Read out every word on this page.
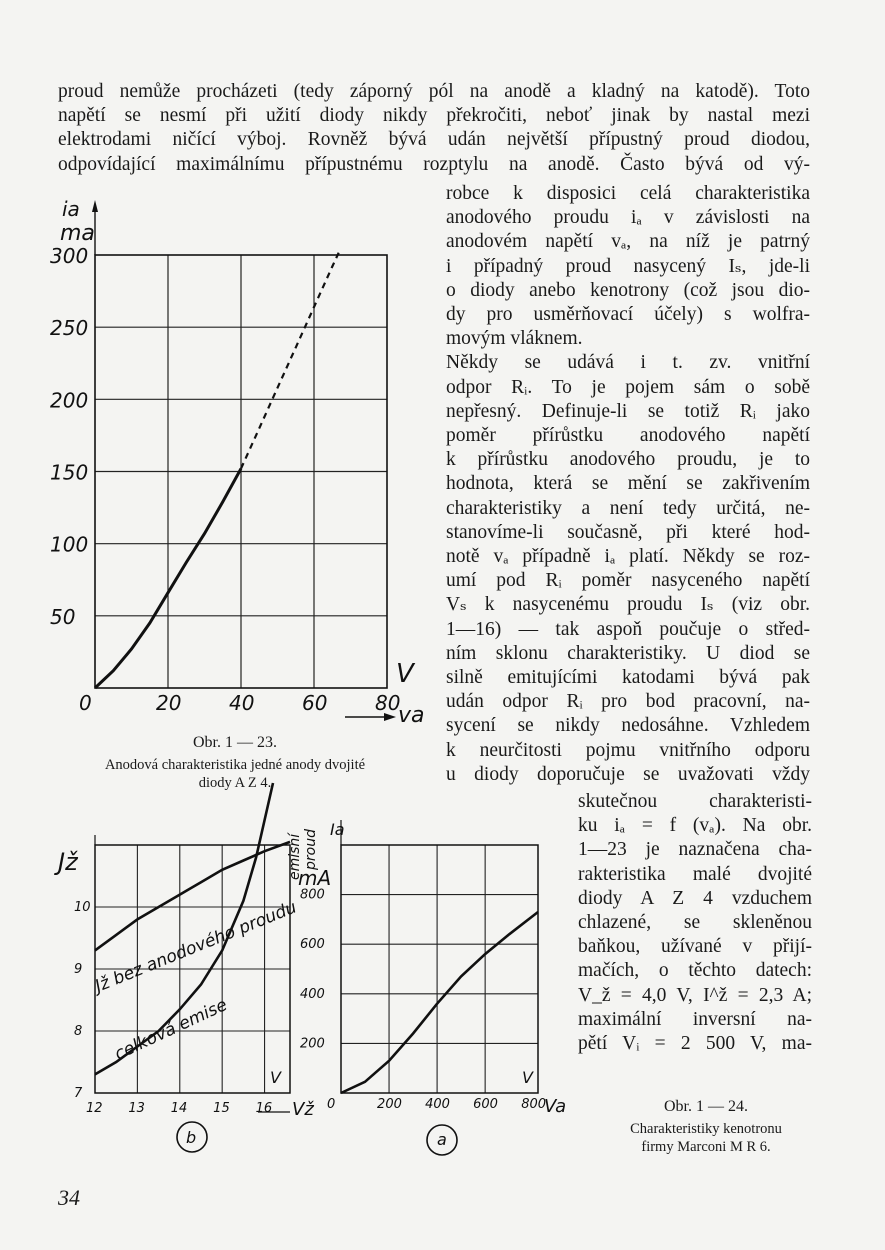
proud nemůže procházeti (tedy záporný pól na anodě a kladný na katodě). Toto
napětí se nesmí při užití diody nikdy překročiti, neboť jinak by nastal mezi
elektrodami ničící výboj. Rovněž bývá udán největší přípustný proud diodou,
odpovídající maximálnímu přípustnému rozptylu na anodě. Často bývá od vý-
robce k disposici celá charakteristika
anodového proudu iₐ v závislosti na
anodovém napětí vₐ, na níž je patrný
i případný proud nasycený Iₛ, jde-li
o diody anebo kenotrony (což jsou dio-
dy pro usměrňovací účely) s wolfra-
movým vláknem.
Někdy se udává i t. zv. vnitřní
odpor Rᵢ. To je pojem sám o sobě
nepřesný. Definuje-li se totiž Rᵢ jako
poměr přírůstku anodového napětí
k přírůstku anodového proudu, je to
hodnota, která se mění se zakřivením
charakteristiky a není tedy určitá, ne-
stanovíme-li současně, při které hod-
notě vₐ případně iₐ platí. Někdy se roz-
umí pod Rᵢ poměr nasyceného napětí
Vₛ k nasycenému proudu Iₛ (viz obr.
1—16) — tak aspoň poučuje o střed-
ním sklonu charakteristiky. U diod se
silně emitujícími katodami bývá pak
udán odpor Rᵢ pro bod pracovní, na-
sycení se nikdy nedosáhne. Vzhledem
k neurčitosti pojmu vnitřního odporu
u diody doporučuje se uvažovati vždy
skutečnou charakteristi-
ku iₐ = f (vₐ). Na obr.
1—23 je naznačena cha-
rakteristika malé dvojité
diody A Z 4 vzduchem
chlazené, se skleněnou
baňkou, užívané v přijí-
mačích, o těchto datech:
V_ž = 4,0 V, I^ž = 2,3 A;
maximální inversní na-
pětí Vᵢ = 2 500 V, ma-
Obr. 1 — 23.
Anodová charakteristika jedné anody dvojité
diody A Z 4.
Obr. 1 — 24.
Charakteristiky kenotronu
firmy Marconi M R 6.
34
50
100
150
200
250
300
0	20 40 60 80
ia
ma
V
va
7
8
9
10
12 13 14 15 16
200
400
600
800
Jž	emisní proud
mA
V
Vž
Jž bez anodového proudu
celková emise
b
0	200 400 600 800
Ia
V
Va
a
